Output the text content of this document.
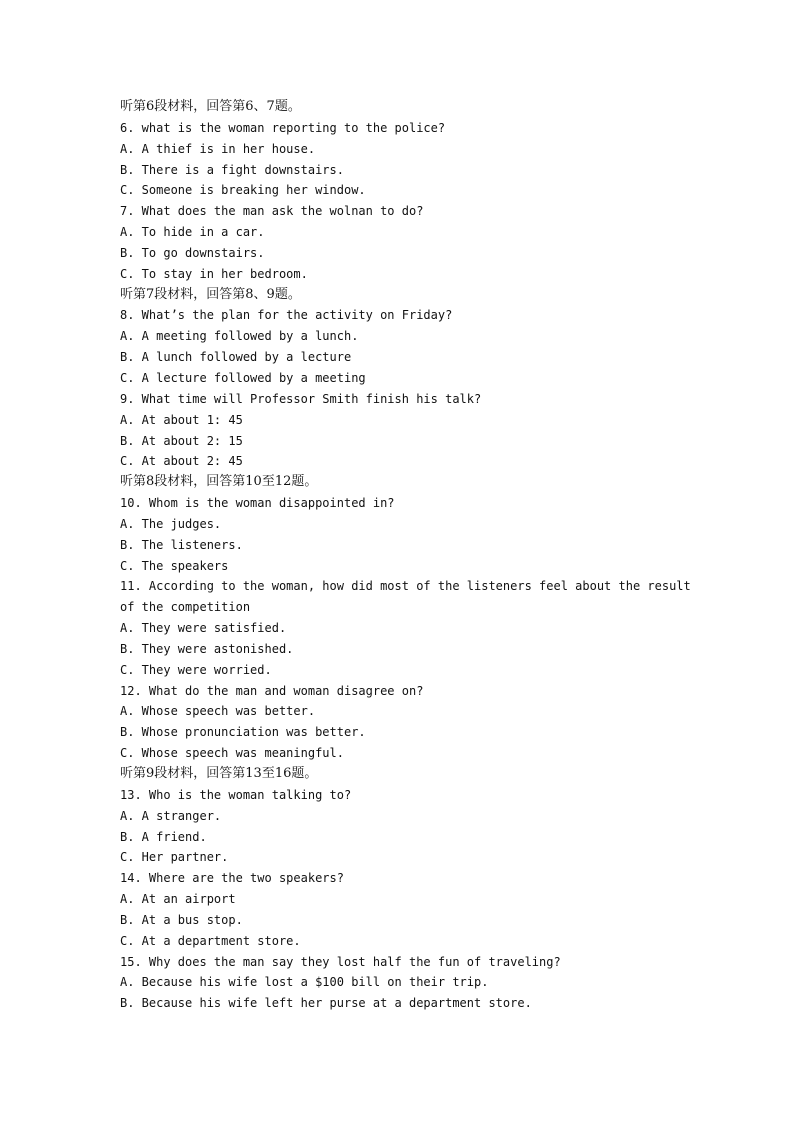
听第6段材料，回答第6、7题。
6. what is the woman reporting to the police?
A. A thief is in her house.
B. There is a fight downstairs.
C. Someone is breaking her window.
7. What does the man ask the wolnan to do?
A. To hide in a car.
B. To go downstairs.
C. To stay in her bedroom.
听第7段材料，回答第8、9题。
8. What’s the plan for the activity on Friday?
A. A meeting followed by a lunch.
B. A lunch followed by a lecture
C. A lecture followed by a meeting
9. What time will Professor Smith finish his talk?
A. At about 1: 45
B. At about 2: 15
C. At about 2: 45
听第8段材料，回答第10至12题。
10. Whom is the woman disappointed in?
A. The judges.
B. The listeners.
C. The speakers
11. According to the woman, how did most of the listeners feel about the result
of the competition
A. They were satisfied.
B. They were astonished.
C. They were worried.
12. What do the man and woman disagree on?
A. Whose speech was better.
B. Whose pronunciation was better.
C. Whose speech was meaningful.
听第9段材料，回答第13至16题。
13. Who is the woman talking to?
A. A stranger.
B. A friend.
C. Her partner.
14. Where are the two speakers?
A. At an airport
B. At a bus stop.
C. At a department store.
15. Why does the man say they lost half the fun of traveling?
A. Because his wife lost a $100 bill on their trip.
B. Because his wife left her purse at a department store.
